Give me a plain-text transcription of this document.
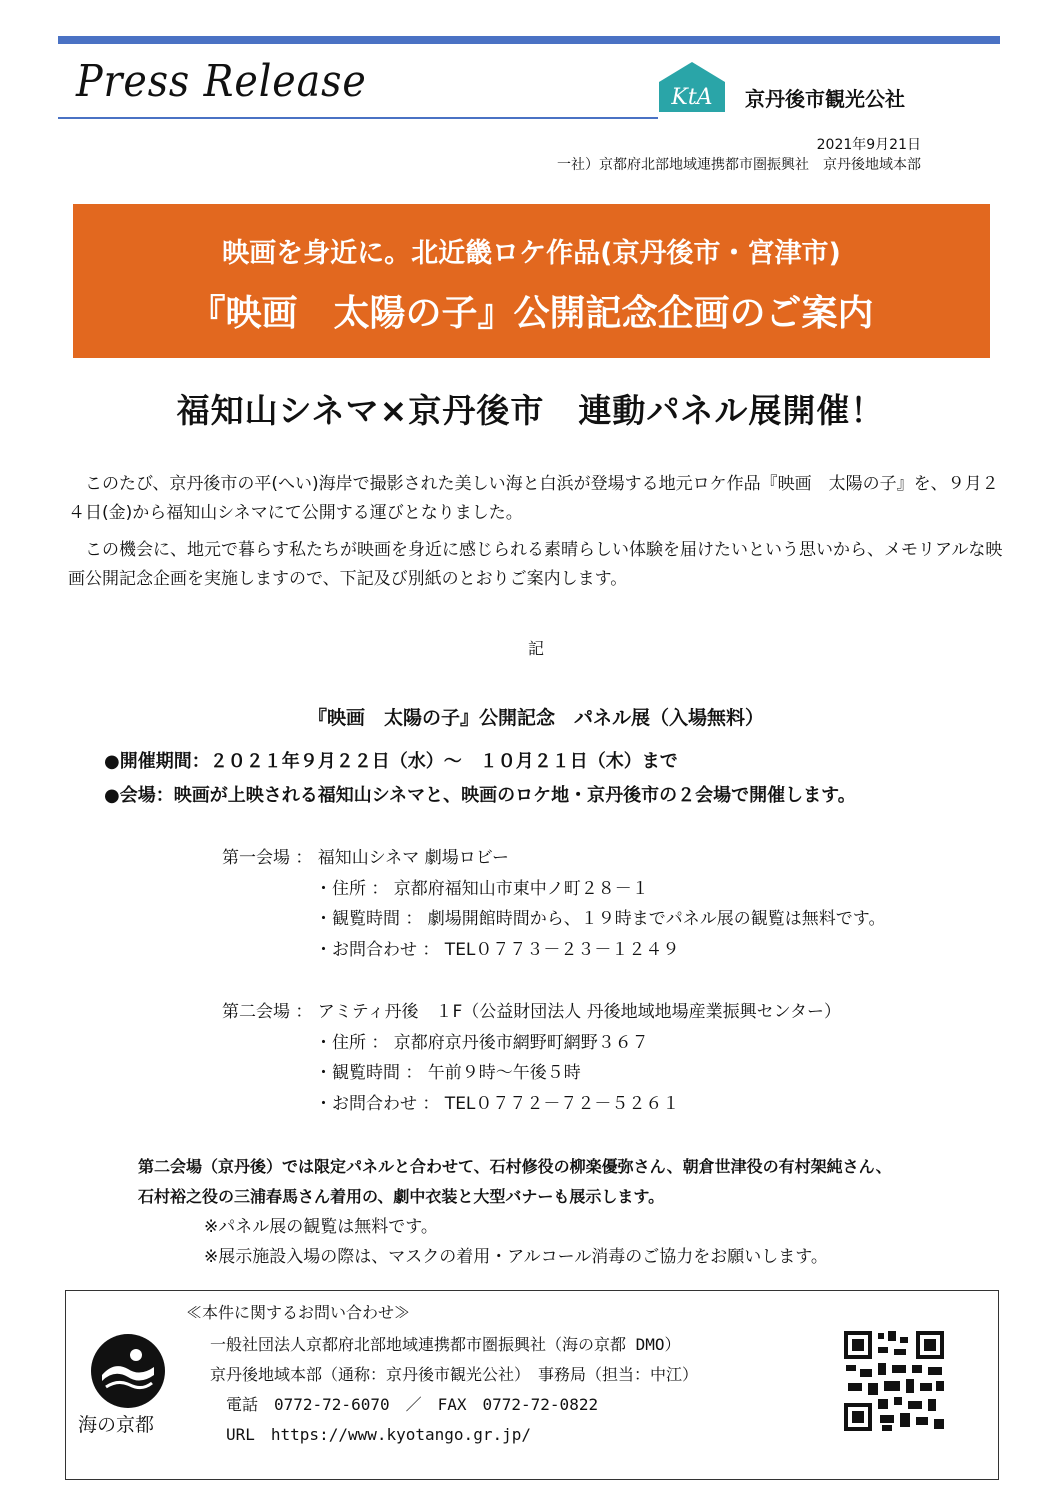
Press Release	KtA 京丹後市観光公社
2021年9月21日
一社）京都府北部地域連携都市圏振興社　京丹後地域本部
映画を身近に。北近畿ロケ作品(京丹後市・宮津市)
『映画　太陽の子』公開記念企画のご案内
福知山シネマ×京丹後市　連動パネル展開催！
このたび、京丹後市の平(へい)海岸で撮影された美しい海と白浜が登場する地元ロケ作品『映画　太陽の子』を、９月２４日(金)から福知山シネマにて公開する運びとなりました。
この機会に、地元で暮らす私たちが映画を身近に感じられる素晴らしい体験を届けたいという思いから、メモリアルな映画公開記念企画を実施しますので、下記及び別紙のとおりご案内します。
記
『映画　太陽の子』公開記念　パネル展（入場無料）
●開催期間：２０２１年９月２２日（水）～　１０月２１日（木）まで
●会場：映画が上映される福知山シネマと、映画のロケ地・京丹後市の２会場で開催します。
第一会場 ： 福知山シネマ 劇場ロビー
・住所 ： 京都府福知山市東中ノ町２８－１
・観覧時間 ： 劇場開館時間から、１９時までパネル展の観覧は無料です。
・お問合わせ ： TEL０７７３－２３－１２４９
第二会場 ： アミティ丹後　１F（公益財団法人 丹後地域地場産業振興センター）
・住所 ： 京都府京丹後市網野町網野３６７
・観覧時間 ： 午前９時～午後５時
・お問合わせ ： TEL０７７２－７２－５２６１
第二会場（京丹後）では限定パネルと合わせて、石村修役の柳楽優弥さん、朝倉世津役の有村架純さん、
石村裕之役の三浦春馬さん着用の、劇中衣装と大型バナーも展示します。
※パネル展の観覧は無料です。
※展示施設入場の際は、マスクの着用・アルコール消毒のご協力をお願いします。
≪本件に関するお問い合わせ≫
一般社団法人京都府北部地域連携都市圏振興社（海の京都 DMO）
京丹後地域本部（通称：京丹後市観光公社）　事務局（担当：中江）
電話　0772-72-6070　／　FAX　0772-72-0822
URL　https://www.kyotango.gr.jp/
海の京都
